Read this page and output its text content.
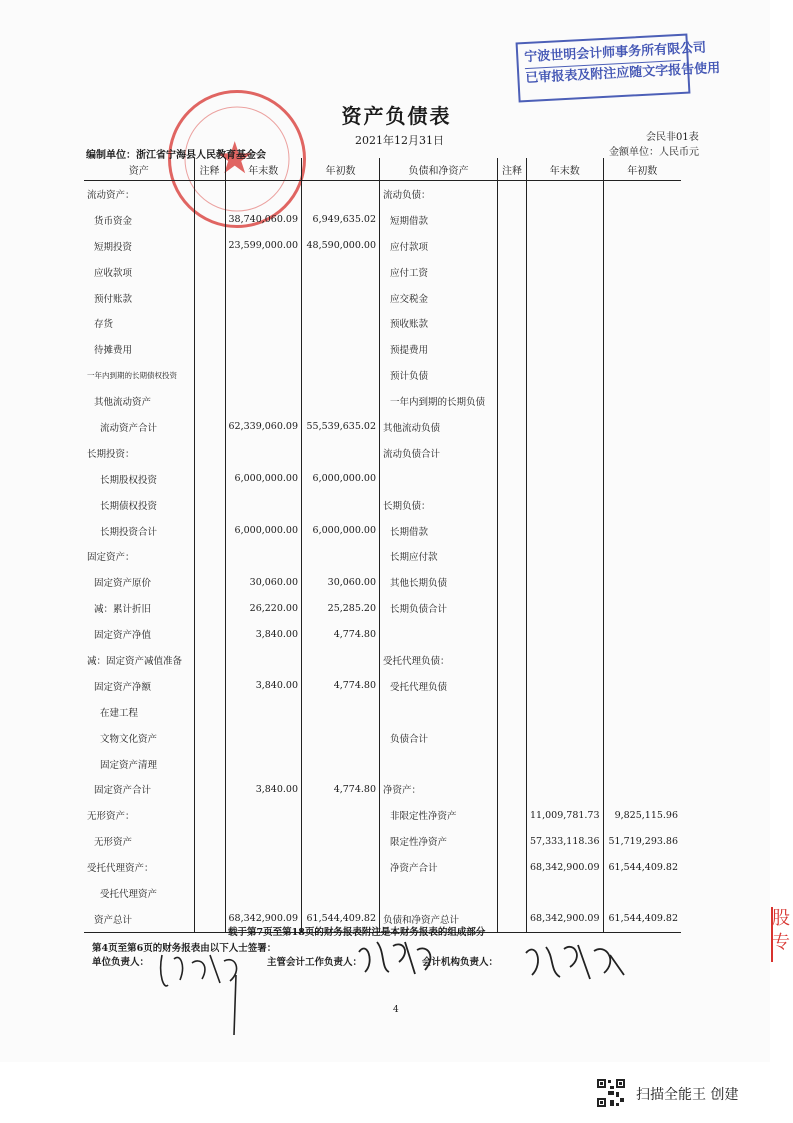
宁波世明会计师事务所有限公司
已审报表及附注应随文字报告使用
★
资产负债表
2021年12月31日	会民非01表
金额单位：人民币元
编制单位：浙江省宁海县人民教育基金会
资产	注释	年末数	年初数	负债和净资产	注释	年末数	年初数
流动资产：				流动负债：			
货币资金		38,740,060.09	6,949,635.02	短期借款			
短期投资		23,599,000.00	48,590,000.00	应付款项			
应收款项				应付工资			
预付账款				应交税金			
存货				预收账款			
待摊费用				预提费用			
一年内到期的长期债权投资				预计负债			
其他流动资产				一年内到期的长期负债			
流动资产合计		62,339,060.09	55,539,635.02	其他流动负债			
长期投资：				流动负债合计			
长期股权投资		6,000,000.00	6,000,000.00				
长期债权投资				长期负债：			
长期投资合计		6,000,000.00	6,000,000.00	长期借款			
固定资产：				长期应付款			
固定资产原价		30,060.00	30,060.00	其他长期负债			
减：累计折旧		26,220.00	25,285.20	长期负债合计			
固定资产净值		3,840.00	4,774.80				
减：固定资产减值准备				受托代理负债：			
固定资产净额		3,840.00	4,774.80	受托代理负债			
在建工程							
文物文化资产				负债合计			
固定资产清理							
固定资产合计		3,840.00	4,774.80	净资产：			
无形资产：				非限定性净资产		11,009,781.73	9,825,115.96
无形资产				限定性净资产		57,333,118.36	51,719,293.86
受托代理资产：				净资产合计		68,342,900.09	61,544,409.82
受托代理资产							
资产总计		68,342,900.09	61,544,409.82	负债和净资产总计		68,342,900.09	61,544,409.82
载于第7页至第18页的财务报表附注是本财务报表的组成部分
第4页至第6页的财务报表由以下人士签署：
单位负责人：	主管会计工作负责人：	会计机构负责人：
4
股专
扫描全能王 创建
